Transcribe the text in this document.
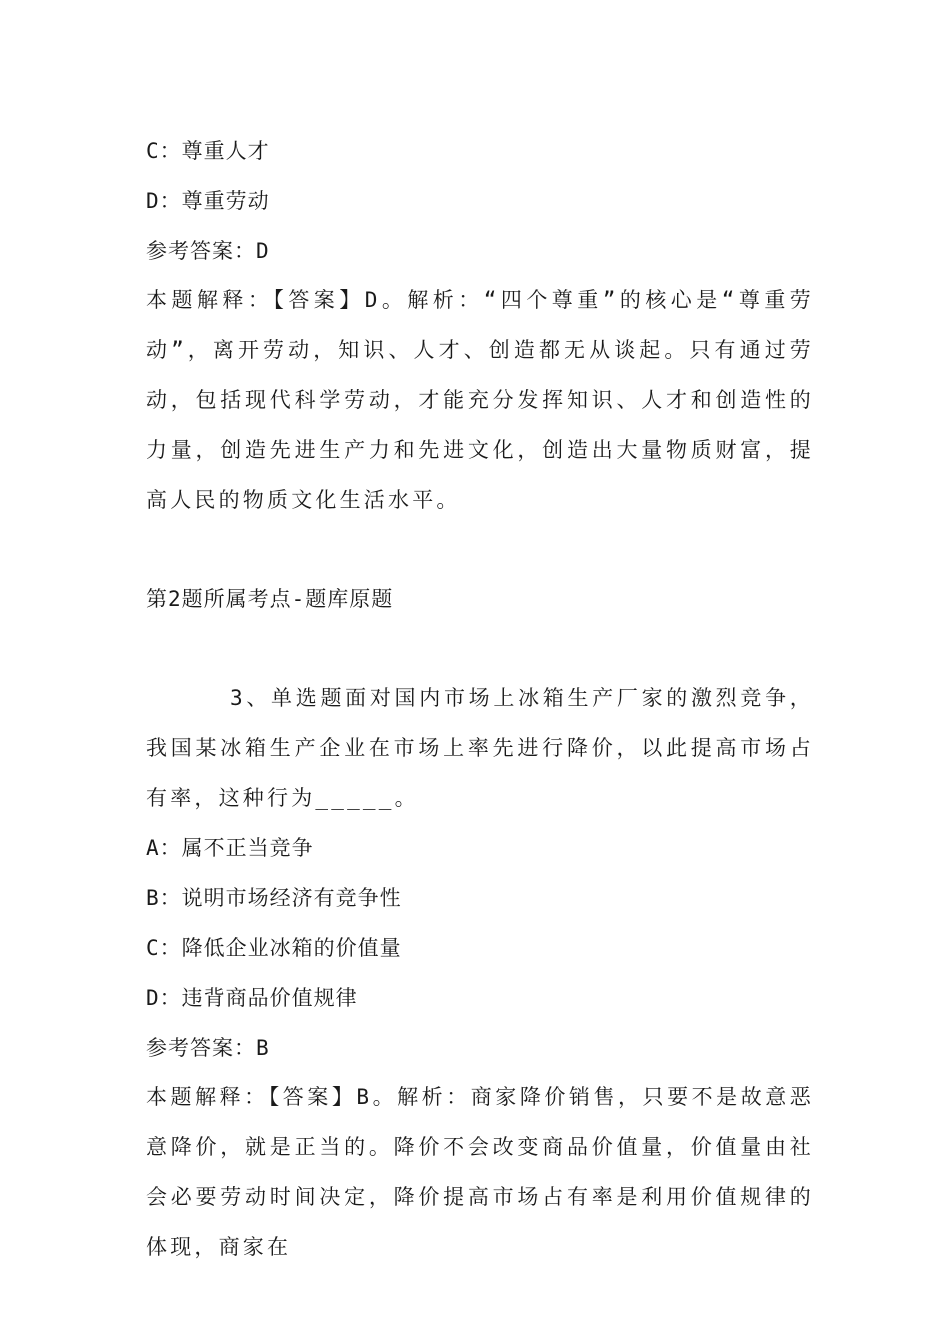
C：尊重人才
D：尊重劳动
参考答案：D
本题解释：【答案】D。解析：“四个尊重”的核心是“尊重劳动”，离开劳动，知识、人才、创造都无从谈起。只有通过劳动，包括现代科学劳动，才能充分发挥知识、人才和创造性的力量，创造先进生产力和先进文化，创造出大量物质财富，提高人民的物质文化生活水平。
第2题所属考点-题库原题
3、单选题面对国内市场上冰箱生产厂家的激烈竞争，我国某冰箱生产企业在市场上率先进行降价，以此提高市场占有率，这种行为_____。
A：属不正当竞争
B：说明市场经济有竞争性
C：降低企业冰箱的价值量
D：违背商品价值规律
参考答案：B
本题解释：【答案】B。解析：商家降价销售，只要不是故意恶意降价，就是正当的。降价不会改变商品价值量，价值量由社会必要劳动时间决定，降价提高市场占有率是利用价值规律的体现，商家在
